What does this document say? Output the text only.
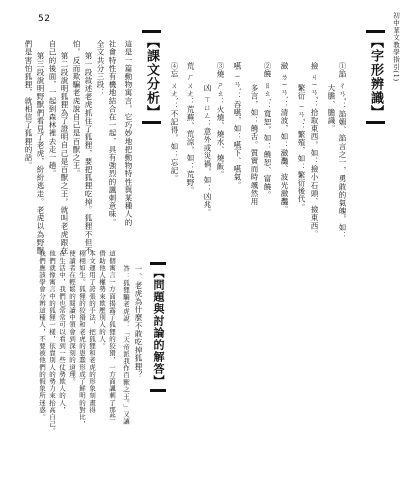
52	初中華文教學指引(1)
【 字形辨識 】
①諂 ㄔㄢˇ：諂媚、諂言之一，勇敢的氣魄，如：
大膽、膽識。
撿 ㄐㄧㄢˇ：拾取東西，如：撿小石頭、撿東西。
繁衍 ㄧㄢˇ：繁殖，如：繁衍後代。
瀲 ㄌㄧㄢˋ：清波，如：瀲灩、波光瀲灩。
②饒 ㄖㄠˊ：寬恕，如：饒恕、富饒。
多言，如：饒舌。質實而時颯然用
嚥 ㄧㄢˋ：吞嚥，如：嚥下、嚥氣。
③燒 ㄕㄠ：火燒、燒水、燒飯。
凶 ㄒㄩㄥ：意外或災禍，如：凶兆。
荒 ㄏㄨㄤ：荒蕪、荒涼，如：荒野。
④忘 ㄨㄤˋ：不記得，如：忘記。
【 課文分析 】
這是一篇動物寓言，它巧妙地把動物特性與某種人的
社會特性有機地結合在一起，具有強烈的諷刺意味。
全文共分三段：
第一段敘述老虎抓住了狐狸，要把狐狸吃掉。狐狸不但不
怕，反而欺騙老虎說自己是百獸之王。
第二段說明狐狸為了證明自己是百獸之王，就叫老虎跟在
自己的後面，一起到森林裡去走一趟。
第三段說明野獸們看見了老虎，紛紛逃走。老虎以為野獸
們是害怕狐狸，就相信了狐狸的話。
這個寓言一方面揭露了狐狸的狡猾，一方面諷刺了那些
借助他人權勢來欺壓別人的人。
本文運用了誇張的手法，把狐狸和老虎的形象刻畫得
栩栩如生。狐狸的狡猾和老虎的愚蠢形成了鮮明的對比，
使讀者在輕鬆的閱讀中領會到深刻的道理。
在生活中，我們也常常可以看到一些仗勢欺人的人，
他們就像寓言中的狐狸一樣，依靠別人的勢力來抬高自己。
我們應該學會分辨這種人，不要被他們的假象所迷惑。
【	問題與討論的解答 】
一、老虎為什麼不敢吃掉狐狸？
答：狐狸騙老虎說：「天帝派我作百獸之王。」又讓
